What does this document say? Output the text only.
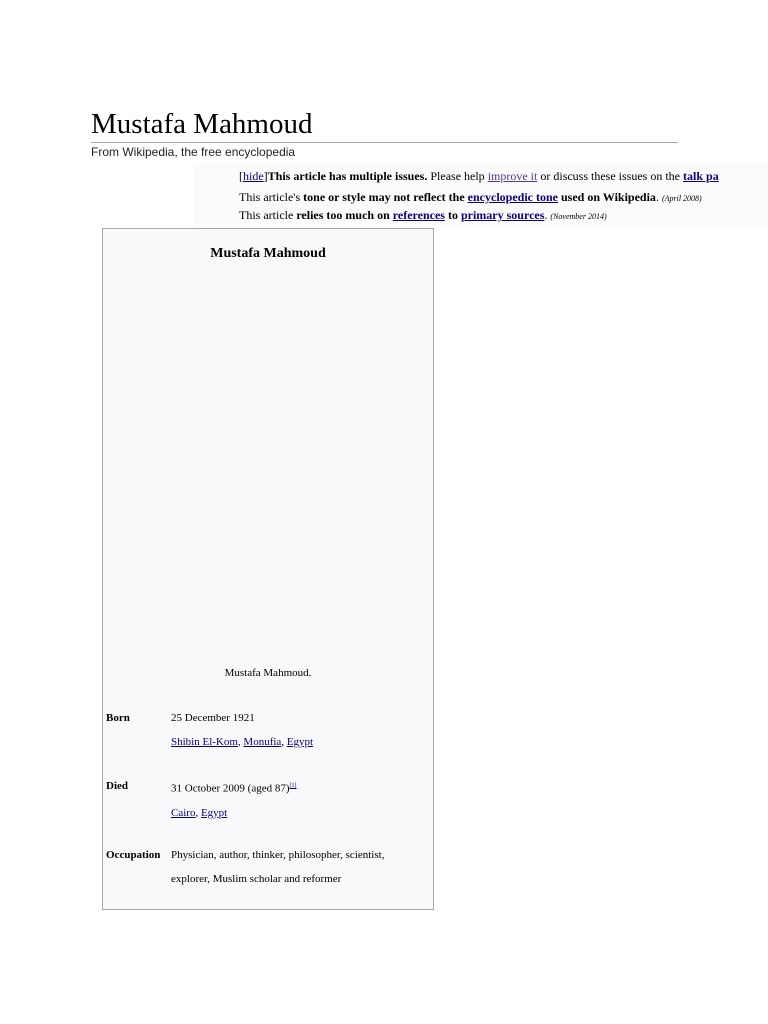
Mustafa Mahmoud
From Wikipedia, the free encyclopedia
[hide]This article has multiple issues. Please help improve it or discuss these issues on the talk pa
This article's tone or style may not reflect the encyclopedic tone used on Wikipedia. (April 2008)
This article relies too much on references to primary sources. (November 2014)
Mustafa Mahmoud
Mustafa Mahmoud.
Born	25 December 1921
Shibin El-Kom, Monufia, Egypt
Died	31 October 2009 (aged 87)[1]
Cairo, Egypt
Occupation Physician, author, thinker, philosopher, scientist,
explorer, Muslim scholar and reformer
